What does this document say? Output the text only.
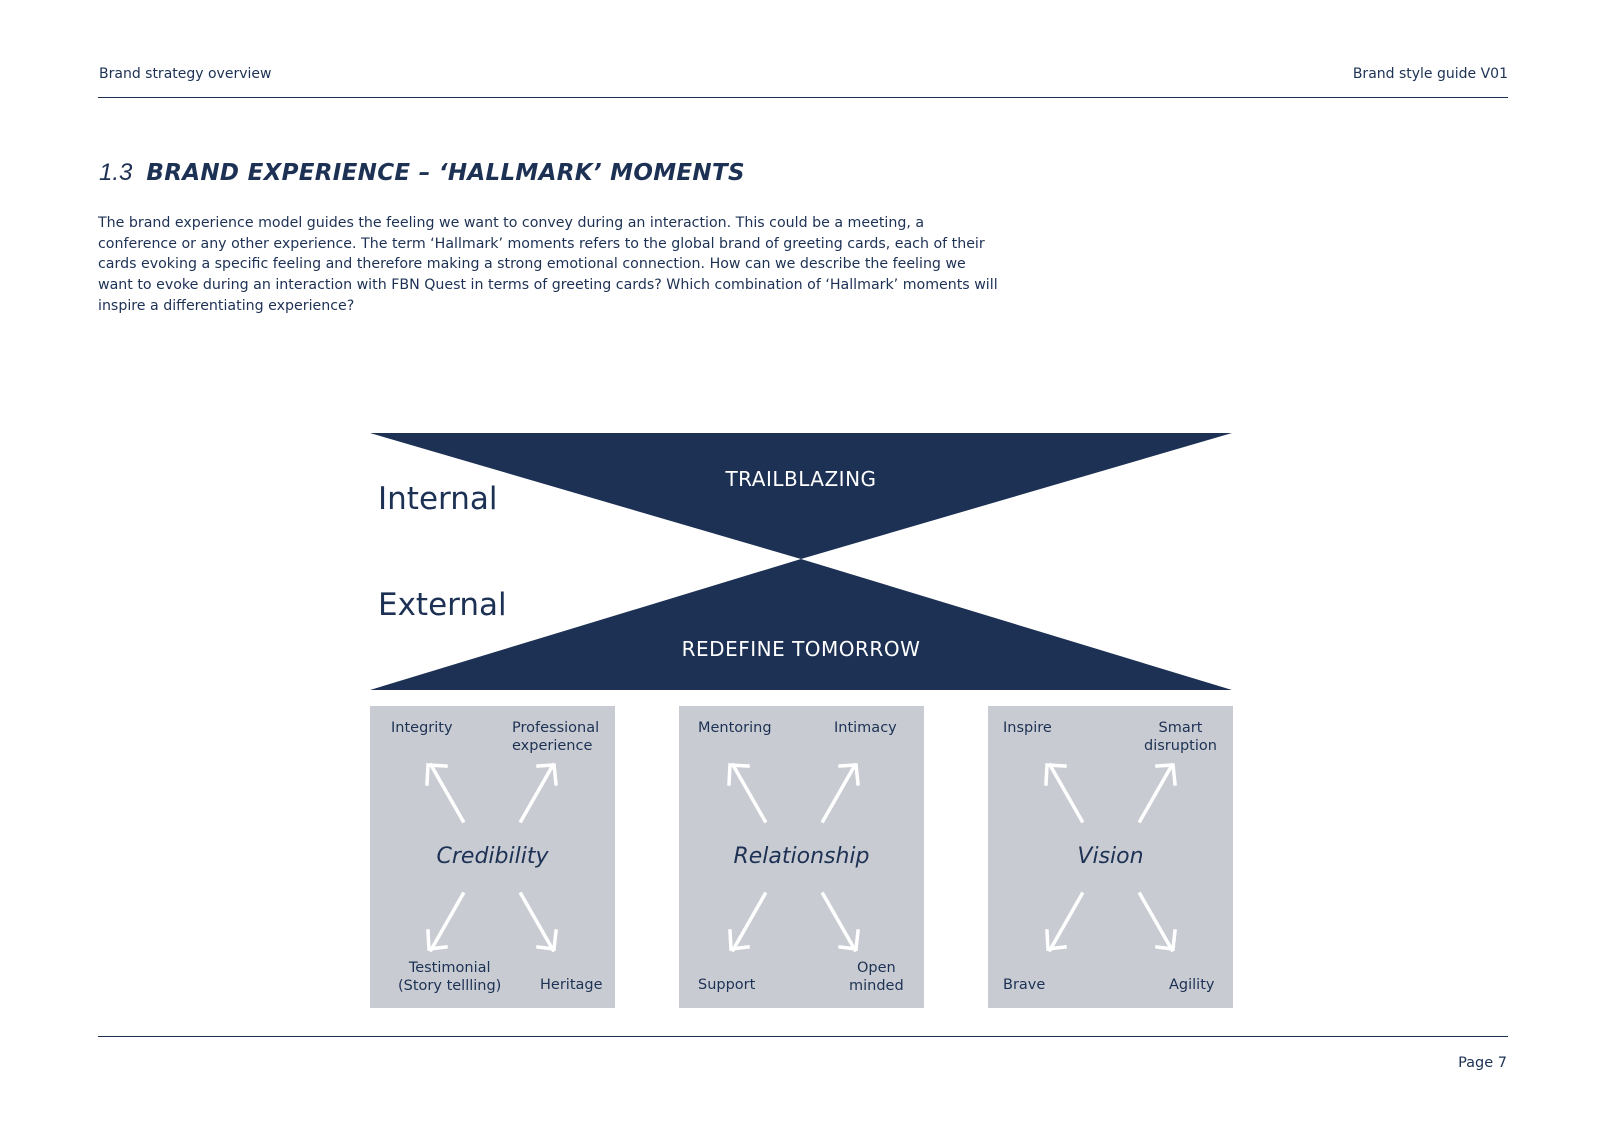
Brand strategy overview	Brand style guide V01
1.3 BRAND EXPERIENCE – ‘HALLMARK’ MOMENTS
The brand experience model guides the feeling we want to convey during an interaction. This could be a meeting, a conference or any other experience. The term ‘Hallmark’ moments refers to the global brand of greeting cards, each of their cards evoking a specific feeling and therefore making a strong emotional connection. How can we describe the feeling we want to evoke during an interaction with FBN Quest in terms of greeting cards? Which combination of ‘Hallmark’ moments will inspire a differentiating experience?
Internal
External
TRAILBLAZING
REDEFINE TOMORROW
Integrity	Professional
experience
Credibility
Testimonial
(Story tellling)	Heritage
Mentoring	Intimacy
Relationship
Support
Open
minded
Inspire	Smart
disruption
Vision
Brave	Agility
Page 7
